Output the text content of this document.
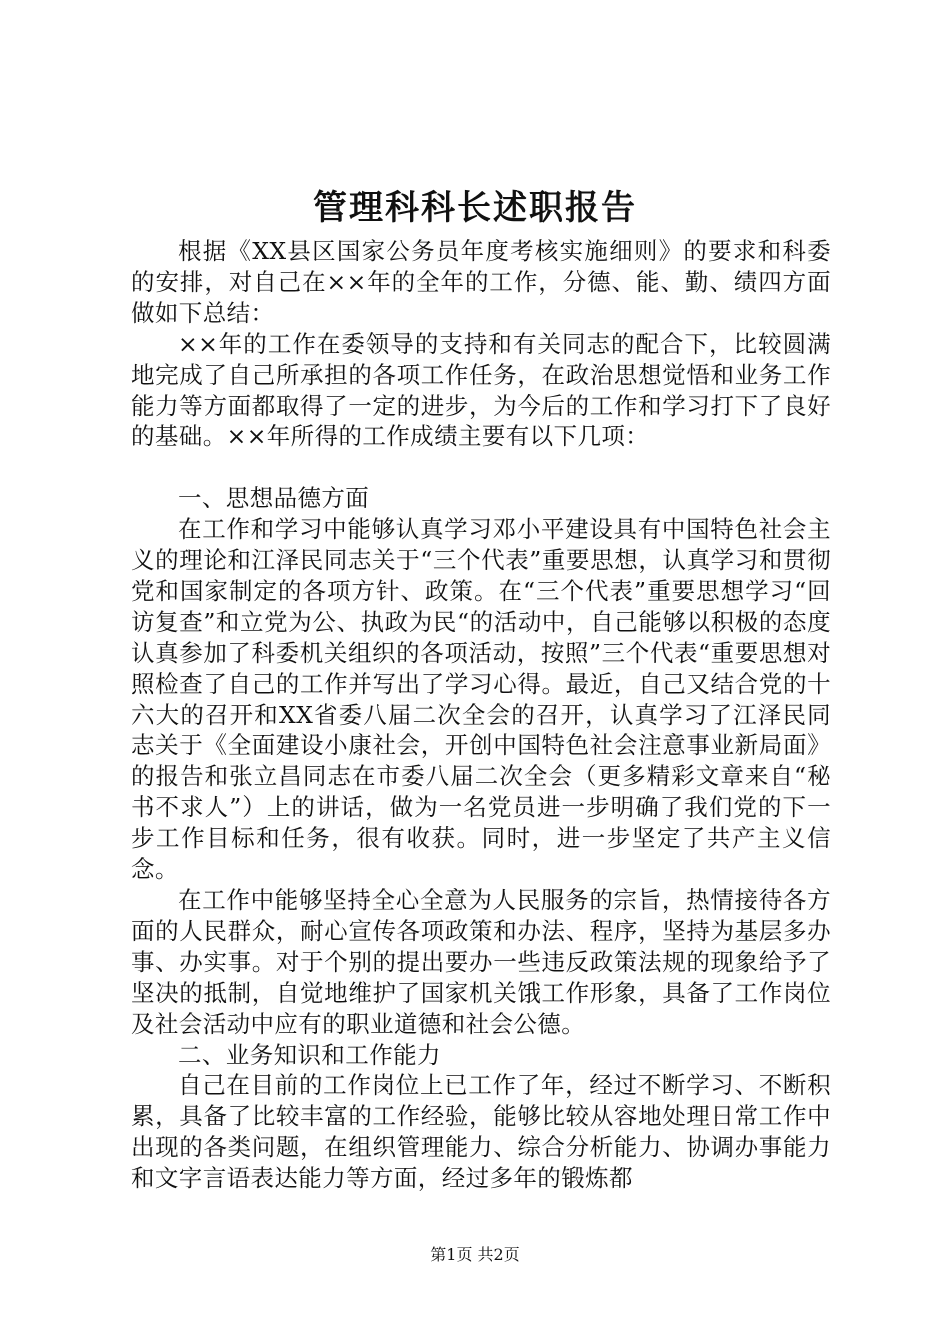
管理科科长述职报告

根据《XX县区国家公务员年度考核实施细则》的要求和科委的安排，对自己在××年的全年的工作，分德、能、勤、绩四方面做如下总结：

××年的工作在委领导的支持和有关同志的配合下，比较圆满地完成了自己所承担的各项工作任务，在政治思想觉悟和业务工作能力等方面都取得了一定的进步，为今后的工作和学习打下了良好的基础。××年所得的工作成绩主要有以下几项：

一、思想品德方面

在工作和学习中能够认真学习邓小平建设具有中国特色社会主义的理论和江泽民同志关于“三个代表”重要思想，认真学习和贯彻党和国家制定的各项方针、政策。在“三个代表”重要思想学习“回访复查”和立党为公、执政为民“的活动中，自己能够以积极的态度认真参加了科委机关组织的各项活动，按照”三个代表“重要思想对照检查了自己的工作并写出了学习心得。最近，自己又结合党的十六大的召开和XX省委八届二次全会的召开，认真学习了江泽民同志关于《全面建设小康社会，开创中国特色社会注意事业新局面》的报告和张立昌同志在市委八届二次全会（更多精彩文章来自“秘书不求人”）上的讲话，做为一名党员进一步明确了我们党的下一步工作目标和任务，很有收获。同时，进一步坚定了共产主义信念。

在工作中能够坚持全心全意为人民服务的宗旨，热情接待各方面的人民群众，耐心宣传各项政策和办法、程序，坚持为基层多办事、办实事。对于个别的提出要办一些违反政策法规的现象给予了坚决的抵制，自觉地维护了国家机关饿工作形象，具备了工作岗位及社会活动中应有的职业道德和社会公德。

二、业务知识和工作能力

自己在目前的工作岗位上已工作了年，经过不断学习、不断积累，具备了比较丰富的工作经验，能够比较从容地处理日常工作中出现的各类问题，在组织管理能力、综合分析能力、协调办事能力和文字言语表达能力等方面，经过多年的锻炼都

第1页 共2页
